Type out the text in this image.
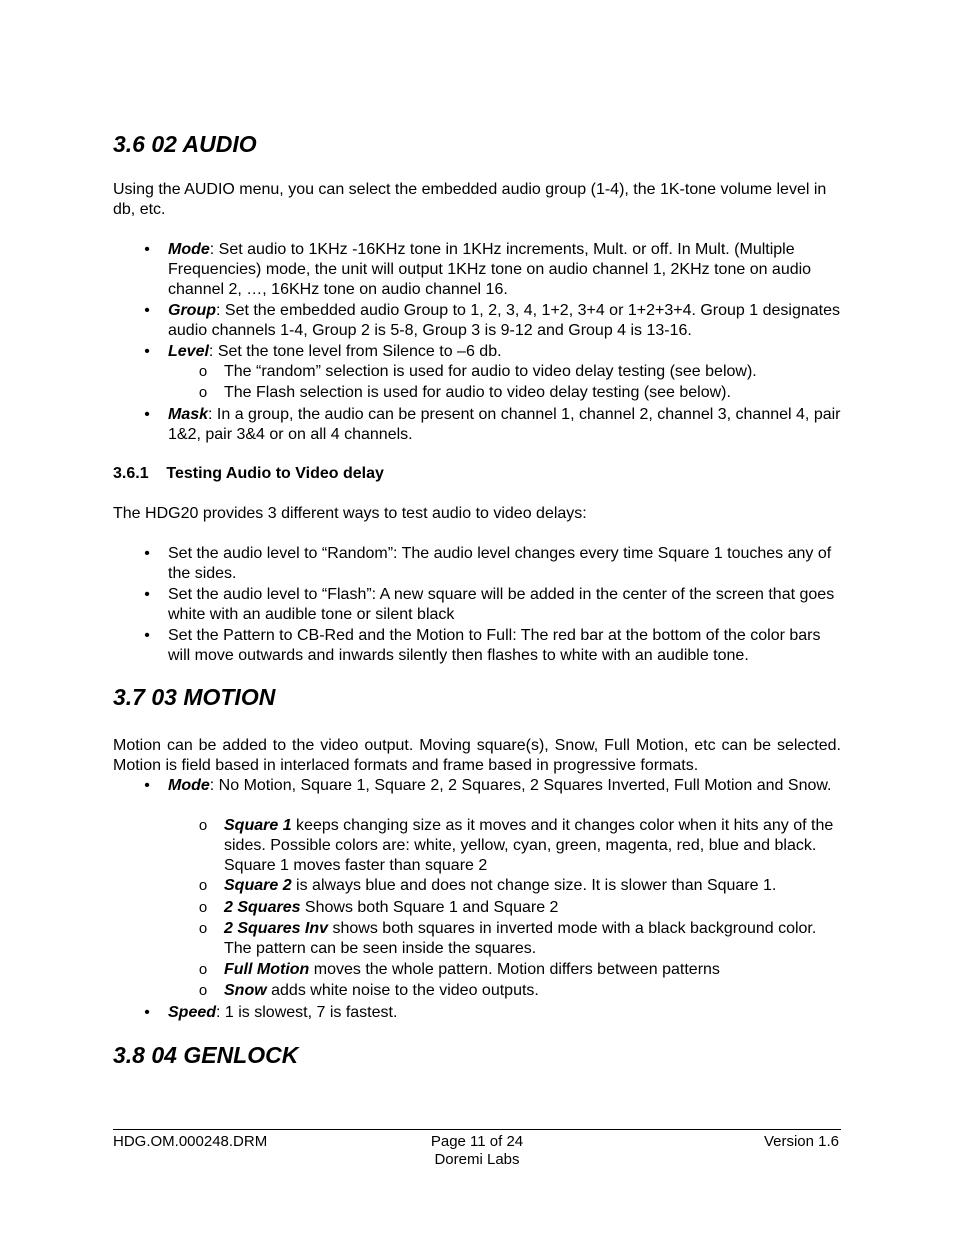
3.6 02 AUDIO

Using the AUDIO menu, you can select the embedded audio group (1-4), the 1K-tone volume level in db, etc.

• Mode: Set audio to 1KHz -16KHz tone in 1KHz increments, Mult. or off. In Mult. (Multiple Frequencies) mode, the unit will output 1KHz tone on audio channel 1, 2KHz tone on audio channel 2, …, 16KHz tone on audio channel 16.
• Group: Set the embedded audio Group to 1, 2, 3, 4, 1+2, 3+4 or 1+2+3+4. Group 1 designates audio channels 1-4, Group 2 is 5-8, Group 3 is 9-12 and Group 4 is 13-16.
• Level: Set the tone level from Silence to –6 db.
o The “random” selection is used for audio to video delay testing (see below).
o The Flash selection is used for audio to video delay testing (see below).
• Mask: In a group, the audio can be present on channel 1, channel 2, channel 3, channel 4, pair 1&2, pair 3&4 or on all 4 channels.
3.6.1    Testing Audio to Video delay

The HDG20 provides 3 different ways to test audio to video delays:

• Set the audio level to “Random”: The audio level changes every time Square 1 touches any of the sides.
• Set the audio level to “Flash”: A new square will be added in the center of the screen that goes white with an audible tone or silent black
• Set the Pattern to CB-Red and the Motion to Full: The red bar at the bottom of the color bars will move outwards and inwards silently then flashes to white with an audible tone.
3.7 03 MOTION

Motion can be added to the video output. Moving square(s), Snow, Full Motion, etc can be selected. Motion is field based in interlaced formats and frame based in progressive formats.

• Mode: No Motion, Square 1, Square 2, 2 Squares, 2 Squares Inverted, Full Motion and Snow.
o Square 1 keeps changing size as it moves and it changes color when it hits any of the sides. Possible colors are: white, yellow, cyan, green, magenta, red, blue and black. Square 1 moves faster than square 2
o Square 2 is always blue and does not change size. It is slower than Square 1.
o 2 Squares Shows both Square 1 and Square 2
o 2 Squares Inv shows both squares in inverted mode with a black background color. The pattern can be seen inside the squares.
o Full Motion moves the whole pattern. Motion differs between patterns
o Snow adds white noise to the video outputs.
• Speed: 1 is slowest, 7 is fastest.
3.8 04 GENLOCK

HDG.OM.000248.DRM	Page 11 of 24
Doremi Labs

Version 1.6
